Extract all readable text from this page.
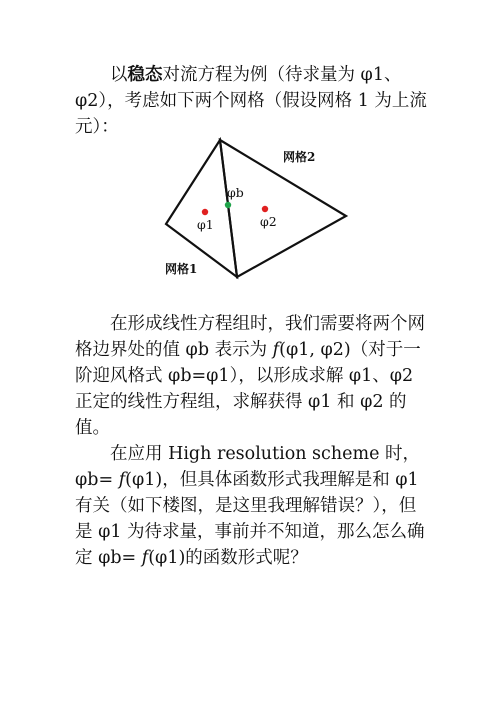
以稳态对流方程为例（待求量为 φ1、φ2），考虑如下两个网格（假设网格 1 为上流元）：

网格2
网格1
φb
φ1	φ2

在形成线性方程组时，我们需要将两个网格边界处的值 φb 表示为 f(φ1, φ2)（对于一阶迎风格式 φb=φ1），以形成求解 φ1、φ2 正定的线性方程组，求解获得 φ1 和 φ2 的值。

在应用 High resolution scheme 时，φb= f(φ1)，但具体函数形式我理解是和 φ1 有关（如下楼图，是这里我理解错误？），但是 φ1 为待求量，事前并不知道，那么怎么确定 φb= f(φ1)的函数形式呢？
